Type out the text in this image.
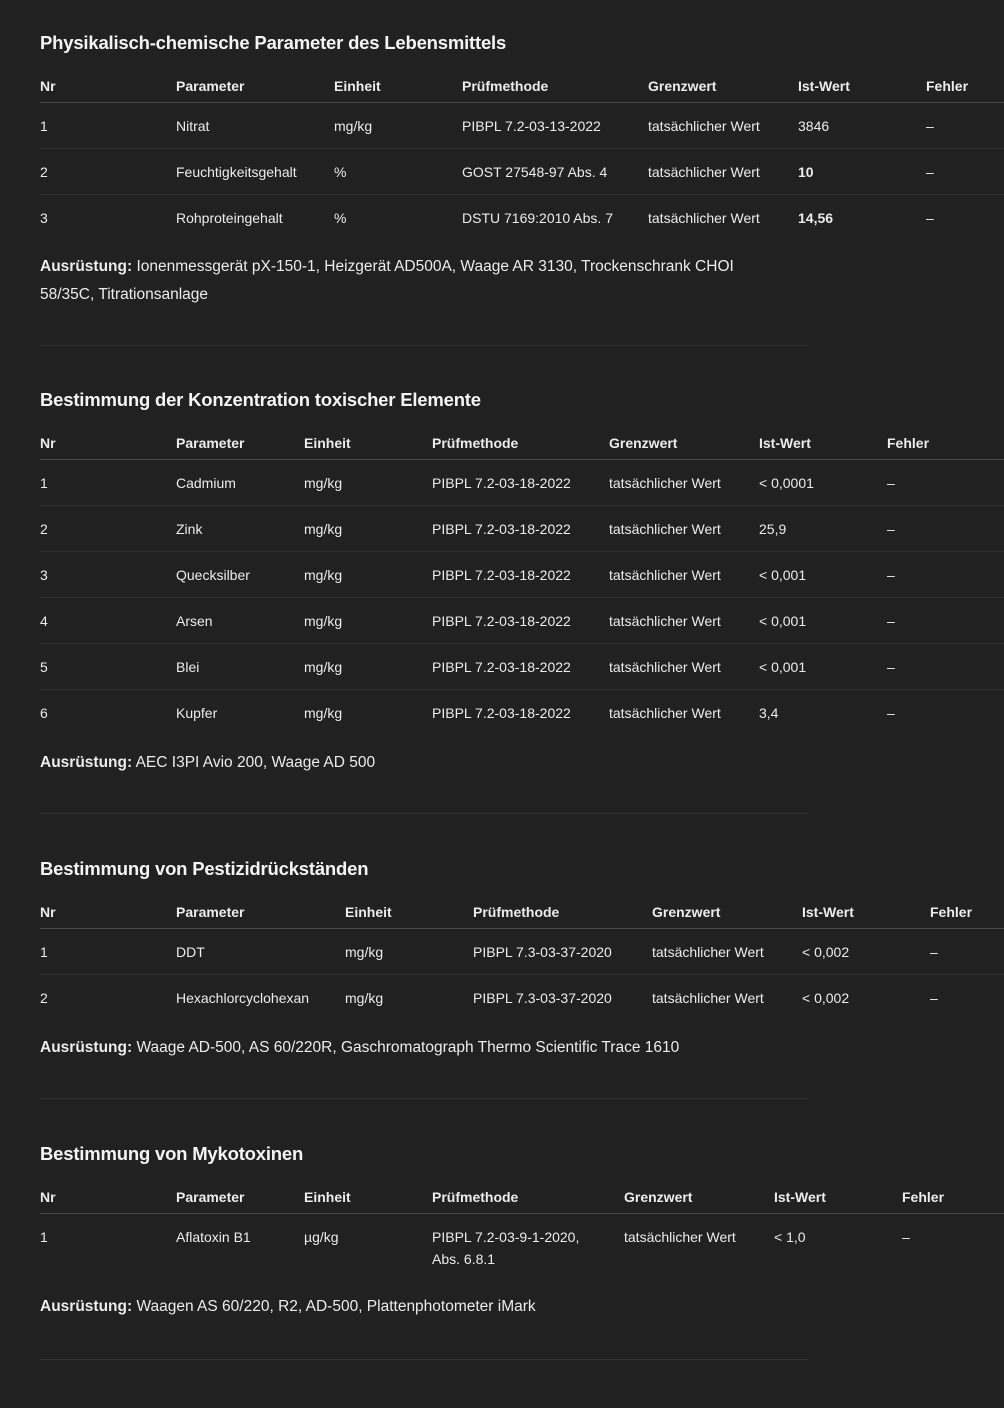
Physikalisch-chemische Parameter des Lebensmittels
Nr	Parameter	Einheit	Prüfmethode	Grenzwert	Ist-Wert	Fehler

1	Nitrat	mg/kg	PIBPL 7.2-03-13-2022	tatsächlicher Wert	3846	–

2	Feuchtigkeitsgehalt	%	GOST 27548-97 Abs. 4	tatsächlicher Wert	10	–

3	Rohproteingehalt	%	DSTU 7169:2010 Abs. 7	tatsächlicher Wert	14,56	–

Ausrüstung: Ionenmessgerät pX-150-1, Heizgerät AD500A, Waage AR 3130, Trockenschrank CHOI 58/35C, Titrationsanlage

Bestimmung der Konzentration toxischer Elemente
Nr	Parameter	Einheit	Prüfmethode	Grenzwert	Ist-Wert	Fehler

1	Cadmium	mg/kg	PIBPL 7.2-03-18-2022	tatsächlicher Wert	< 0,0001	–

2	Zink	mg/kg	PIBPL 7.2-03-18-2022	tatsächlicher Wert	25,9	–

3	Quecksilber	mg/kg	PIBPL 7.2-03-18-2022	tatsächlicher Wert	< 0,001	–

4	Arsen	mg/kg	PIBPL 7.2-03-18-2022	tatsächlicher Wert	< 0,001	–

5	Blei	mg/kg	PIBPL 7.2-03-18-2022	tatsächlicher Wert	< 0,001	–

6	Kupfer	mg/kg	PIBPL 7.2-03-18-2022	tatsächlicher Wert	3,4	–

Ausrüstung: AEC I3PI Avio 200, Waage AD 500

Bestimmung von Pestizidrückständen
Nr	Parameter	Einheit	Prüfmethode	Grenzwert	Ist-Wert	Fehler

1	DDT	mg/kg	PIBPL 7.3-03-37-2020	tatsächlicher Wert	< 0,002	–

2	Hexachlorcyclohexan	mg/kg	PIBPL 7.3-03-37-2020	tatsächlicher Wert	< 0,002	–

Ausrüstung: Waage AD-500, AS 60/220R, Gaschromatograph Thermo Scientific Trace 1610

Bestimmung von Mykotoxinen
Nr	Parameter	Einheit	Prüfmethode	Grenzwert	Ist-Wert	Fehler

1	Aflatoxin B1	µg/kg	PIBPL 7.2-03-9-1-2020, Abs. 6.8.1	tatsächlicher Wert	< 1,0	–

Ausrüstung: Waagen AS 60/220, R2, AD-500, Plattenphotometer iMark
